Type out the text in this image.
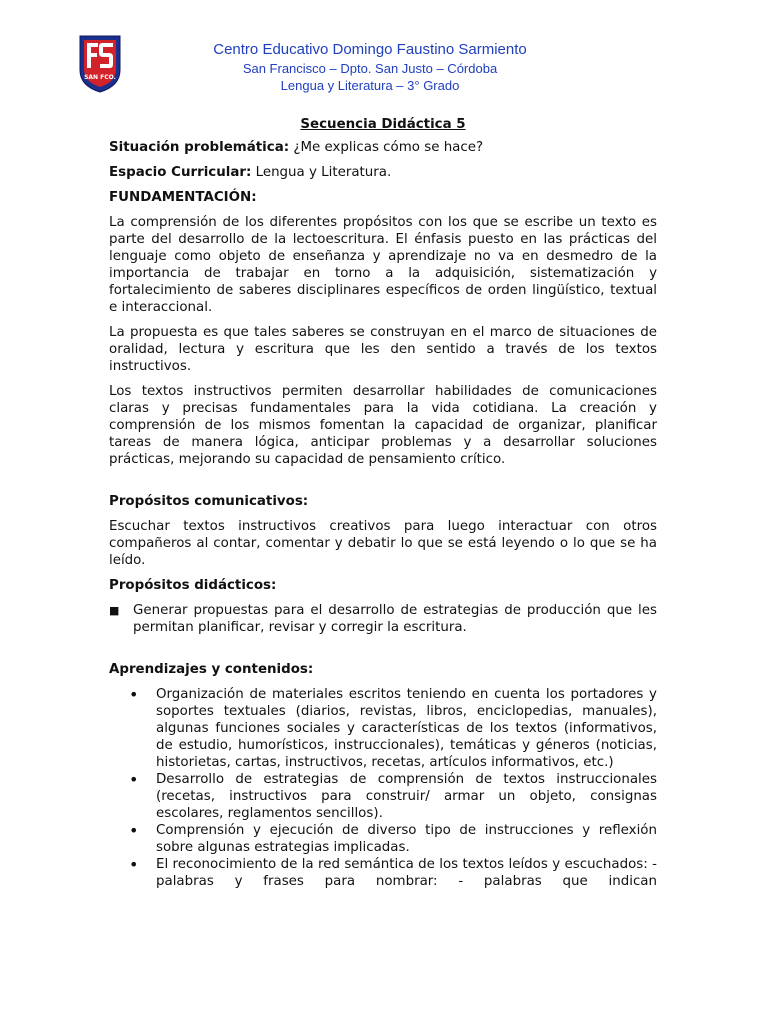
SAN FCO.
Centro Educativo Domingo Faustino Sarmiento
San Francisco – Dpto. San Justo – Córdoba
Lengua y Literatura – 3° Grado
Secuencia Didáctica 5

Situación problemática: ¿Me explicas cómo se hace?

Espacio Curricular: Lengua y Literatura.

FUNDAMENTACIÓN:

La comprensión de los diferentes propósitos con los que se escribe un texto es parte del desarrollo de la lectoescritura. El énfasis puesto en las prácticas del lenguaje como objeto de enseñanza y aprendizaje no va en desmedro de la importancia de trabajar en torno a la adquisición, sistematización y fortalecimiento de saberes disciplinares específicos de orden lingüístico, textual e interaccional.

La propuesta es que tales saberes se construyan en el marco de situaciones de oralidad, lectura y escritura que les den sentido a través de los textos instructivos.

Los textos instructivos permiten desarrollar habilidades de comunicaciones claras y precisas fundamentales para la vida cotidiana. La creación y comprensión de los mismos fomentan la capacidad de organizar, planificar tareas de manera lógica, anticipar problemas y a desarrollar soluciones prácticas, mejorando su capacidad de pensamiento crítico.

Propósitos comunicativos:

Escuchar textos instructivos creativos para luego interactuar con otros compañeros al contar, comentar y debatir lo que se está leyendo o lo que se ha leído.

Propósitos didácticos:
■	Generar propuestas para el desarrollo de estrategias de producción que les permitan planificar, revisar y corregir la escritura.
Aprendizajes y contenidos:
•	Organización de materiales escritos teniendo en cuenta los portadores y soportes textuales (diarios, revistas, libros, enciclopedias, manuales), algunas funciones sociales y características de los textos (informativos, de estudio, humorísticos, instruccionales), temáticas y géneros (noticias, historietas, cartas, instructivos, recetas, artículos informativos, etc.)
•	Desarrollo de estrategias de comprensión de textos instruccionales (recetas, instructivos para construir/ armar un objeto, consignas escolares, reglamentos sencillos).
•	Comprensión y ejecución de diverso tipo de instrucciones y reflexión sobre algunas estrategias implicadas.
•	El reconocimiento de la red semántica de los textos leídos y escuchados: - palabras y frases para nombrar: - palabras que indican
